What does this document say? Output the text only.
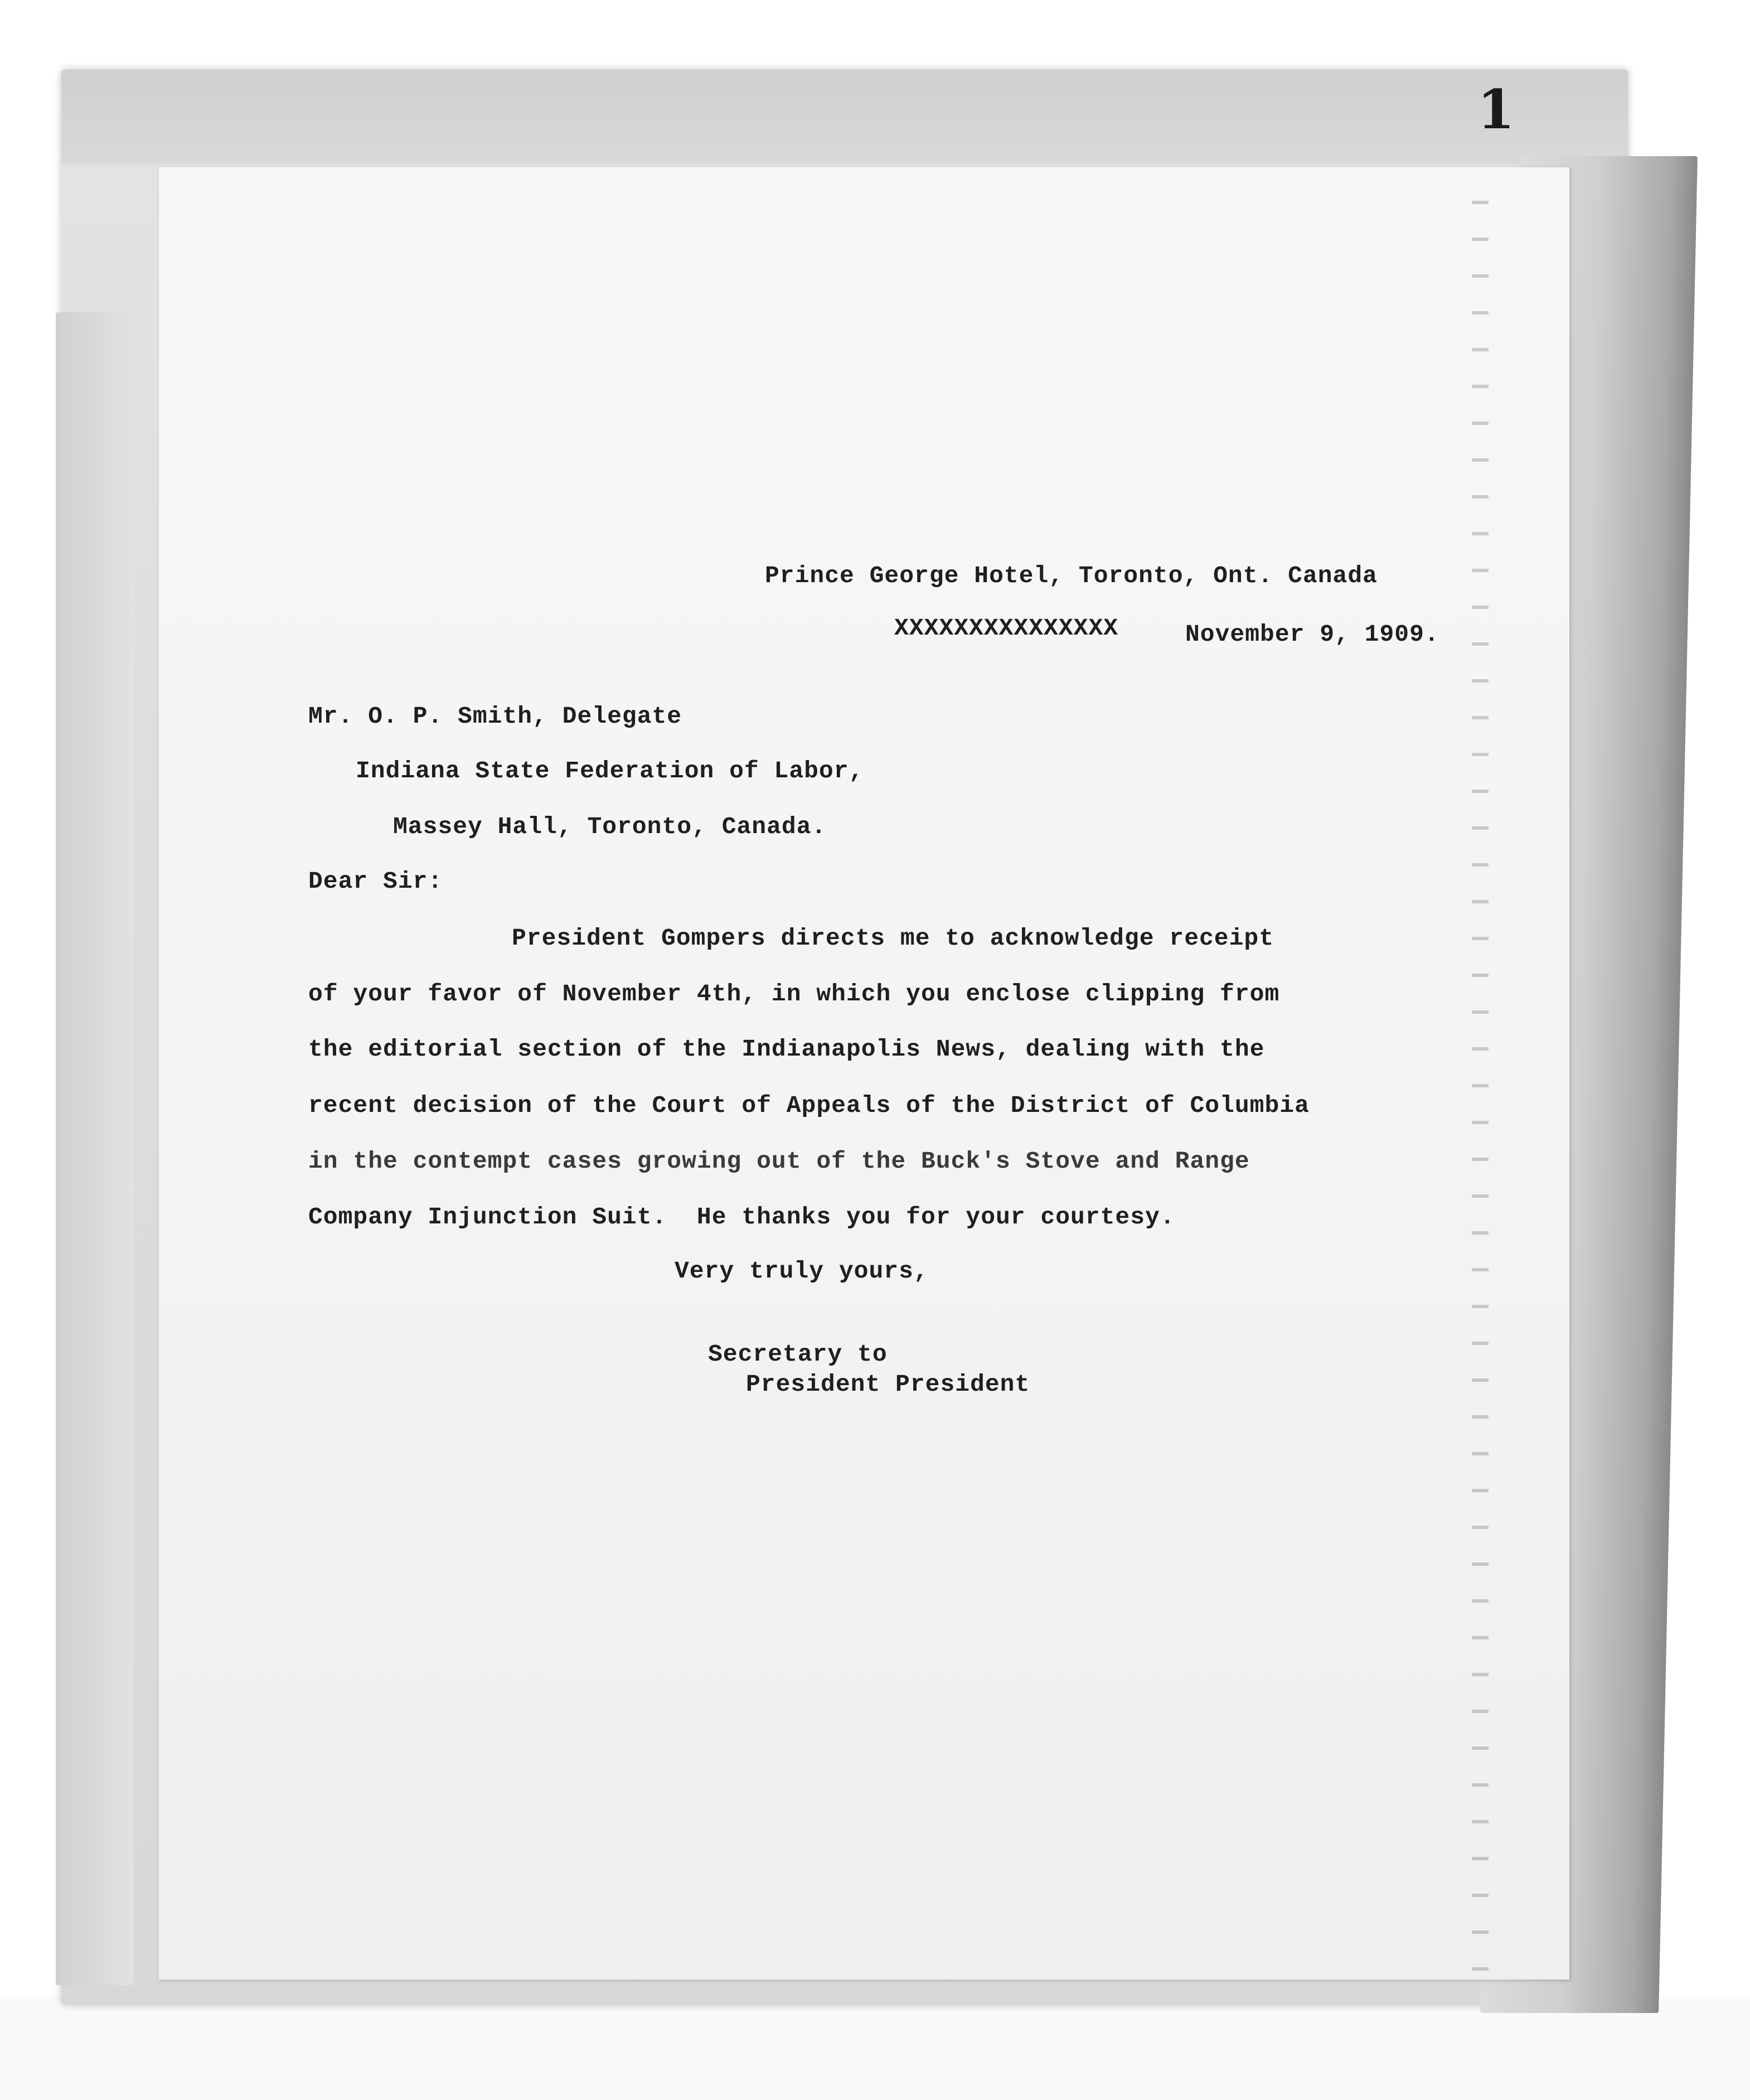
1
Prince George Hotel, Toronto, Ont. Canada
XXXXXXXXXXXXXXX	November 9, 1909.
Mr. O. P. Smith, Delegate
Indiana State Federation of Labor,
Massey Hall, Toronto, Canada.
Dear Sir:
President Gompers directs me to acknowledge receipt
of your favor of November 4th, in which you enclose clipping from
the editorial section of the Indianapolis News, dealing with the
recent decision of the Court of Appeals of the District of Columbia
in the contempt cases growing out of the Buck's Stove and Range
Company Injunction Suit.  He thanks you for your courtesy.
Very truly yours,
Secretary to
President President
